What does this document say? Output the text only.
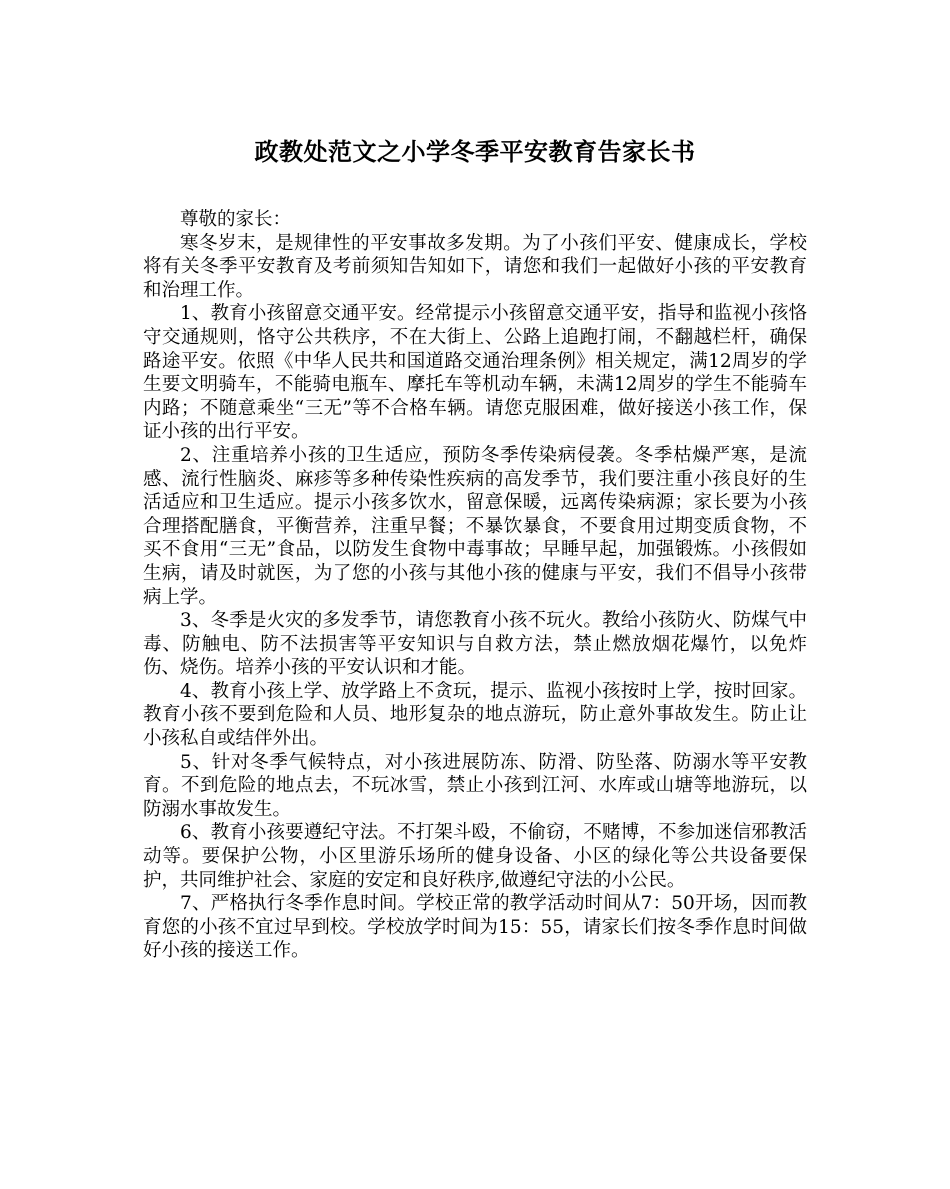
政教处范文之小学冬季平安教育告家长书

尊敬的家长：

寒冬岁末，是规律性的平安事故多发期。为了小孩们平安、健康成长，学校将有关冬季平安教育及考前须知告知如下，请您和我们一起做好小孩的平安教育和治理工作。

1、教育小孩留意交通平安。经常提示小孩留意交通平安，指导和监视小孩恪守交通规则，恪守公共秩序，不在大街上、公路上追跑打闹，不翻越栏杆，确保路途平安。依照《中华人民共和国道路交通治理条例》相关规定，满12周岁的学生要文明骑车，不能骑电瓶车、摩托车等机动车辆，未满12周岁的学生不能骑车内路；不随意乘坐“三无”等不合格车辆。请您克服困难，做好接送小孩工作，保证小孩的出行平安。

2、注重培养小孩的卫生适应，预防冬季传染病侵袭。冬季枯燥严寒，是流感、流行性脑炎、麻疹等多种传染性疾病的高发季节，我们要注重小孩良好的生活适应和卫生适应。提示小孩多饮水，留意保暖，远离传染病源；家长要为小孩合理搭配膳食，平衡营养，注重早餐；不暴饮暴食，不要食用过期变质食物，不买不食用“三无”食品，以防发生食物中毒事故；早睡早起，加强锻炼。小孩假如生病，请及时就医，为了您的小孩与其他小孩的健康与平安，我们不倡导小孩带病上学。

3、冬季是火灾的多发季节，请您教育小孩不玩火。教给小孩防火、防煤气中毒、防触电、防不法损害等平安知识与自救方法，禁止燃放烟花爆竹，以免炸伤、烧伤。培养小孩的平安认识和才能。

4、教育小孩上学、放学路上不贪玩，提示、监视小孩按时上学，按时回家。教育小孩不要到危险和人员、地形复杂的地点游玩，防止意外事故发生。防止让小孩私自或结伴外出。

5、针对冬季气候特点，对小孩进展防冻、防滑、防坠落、防溺水等平安教育。不到危险的地点去，不玩冰雪，禁止小孩到江河、水库或山塘等地游玩，以防溺水事故发生。

6、教育小孩要遵纪守法。不打架斗殴，不偷窃，不赌博，不参加迷信邪教活动等。要保护公物，小区里游乐场所的健身设备、小区的绿化等公共设备要保护，共同维护社会、家庭的安定和良好秩序,做遵纪守法的小公民。

7、严格执行冬季作息时间。学校正常的教学活动时间从7：50开场，因而教育您的小孩不宜过早到校。学校放学时间为15：55，请家长们按冬季作息时间做好小孩的接送工作。
